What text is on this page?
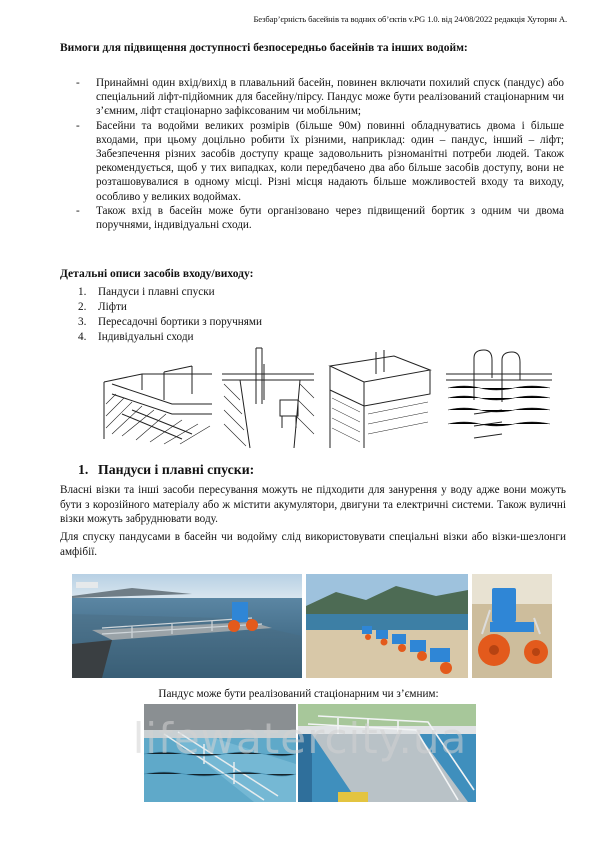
Безбар’єрність басейнів та водних об’єктів v.PG 1.0. від 24/08/2022 редакція Хуторян А.
Вимоги для підвищення доступності безпосередньо басейнів та інших водойм:
- Принаймні один вхід/вихід в плавальний басейн, повинен включати похилий спуск (пандус) або спеціальний ліфт-підйомник для басейну/пірсу. Пандус може бути реалізований стаціонарним чи з’ємним, ліфт стаціонарно зафіксованим чи мобільним;
- Басейни та водойми великих розмірів (більше 90м) повинні обладнуватись двома і більше входами, при цьому доцільно робити їх різними, наприклад: один – пандус, інший – ліфт; Забезпечення різних засобів доступу краще задовольнить різноманітні потреби людей. Також рекомендується, щоб у тих випадках, коли передбачено два або більше засобів доступу, вони не розташовувалися в одному місці. Різні місця надають більше можливостей входу та виходу, особливо у великих водоймах.
- Також вхід в басейн може бути організовано через підвищений бортик з одним чи двома поручнями, індивідуальні сходи.
Детальні описи засобів входу/виходу:
1. Пандуси і плавні спуски
2. Ліфти
3. Пересадочні бортики з поручнями
4. Індивідуальні сходи
1. Пандуси і плавні спуски:
Власні візки та інші засоби пересування можуть не підходити для занурення у воду адже вони можуть бути з корозійного матеріалу або ж містити акумулятори, двигуни та електричні системи. Також вуличні візки можуть забруднювати воду.
Для спуску пандусами в басейн чи водойму слід використовувати спеціальні візки або візки-шезлонги амфібії.
Пандус може бути реалізований стаціонарним чи з’ємним:
lifewatercity.ua
